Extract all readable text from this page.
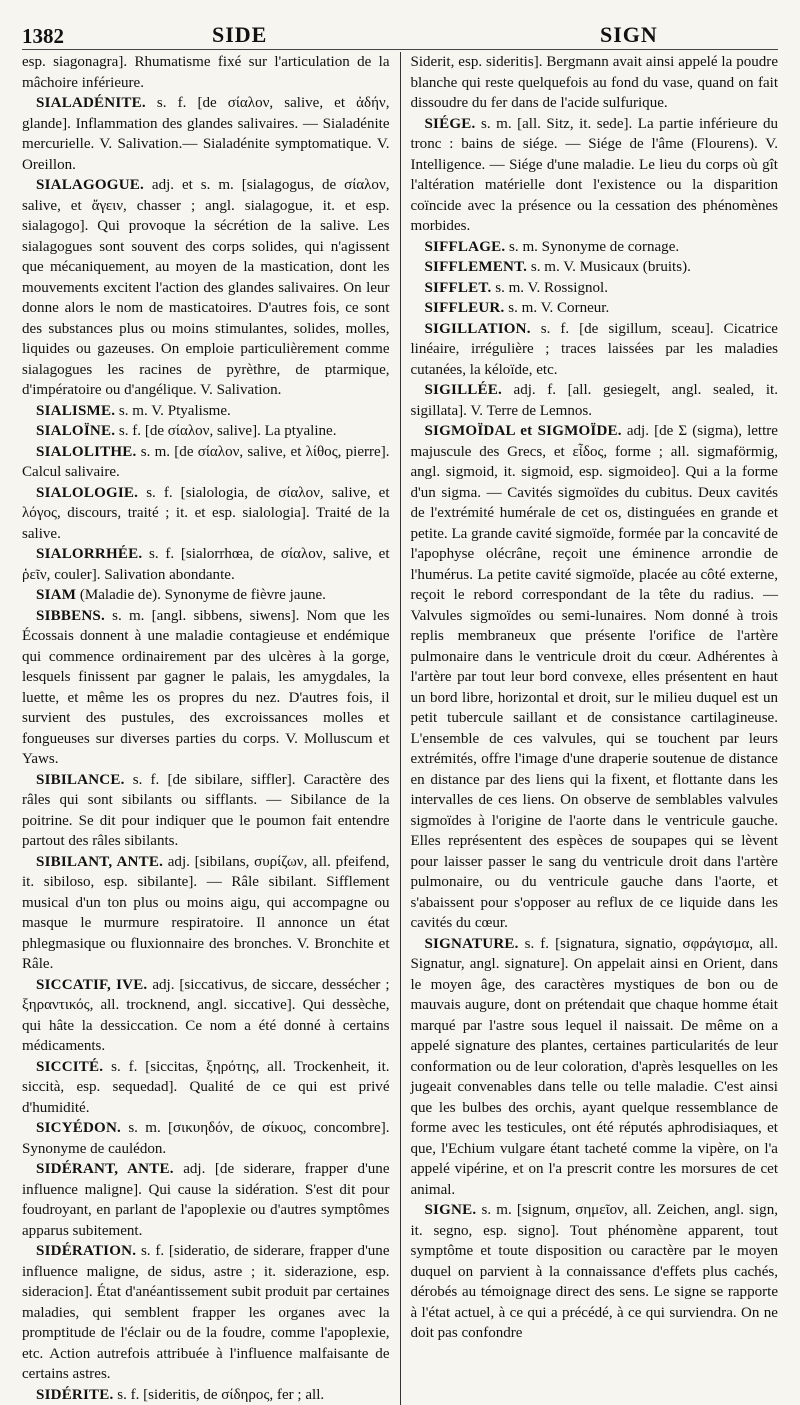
1382	SIDE	SIGN

esp. siagonagra]. Rhumatisme fixé sur l'articulation de la mâchoire inférieure.

SIALADÉNITE. s. f. [de σίαλον, salive, et ἀδήν, glande]. Inflammation des glandes salivaires. — Sialadénite mercurielle. V. Salivation.— Sialadénite symptomatique. V. Oreillon.

SIALAGOGUE. adj. et s. m. [sialagogus, de σίαλον, salive, et ἄγειν, chasser ; angl. sialagogue, it. et esp. sialagogo]. Qui provoque la sécrétion de la salive. Les sialagogues sont souvent des corps solides, qui n'agissent que mécaniquement, au moyen de la mastication, dont les mouvements excitent l'action des glandes salivaires. On leur donne alors le nom de masticatoires. D'autres fois, ce sont des substances plus ou moins stimulantes, solides, molles, liquides ou gazeuses. On emploie particulièrement comme sialagogues les racines de pyrèthre, de ptarmique, d'impératoire ou d'angélique. V. Salivation.

SIALISME. s. m. V. Ptyalisme.

SIALOÏNE. s. f. [de σίαλον, salive]. La ptyaline.

SIALOLITHE. s. m. [de σίαλον, salive, et λίθος, pierre]. Calcul salivaire.

SIALOLOGIE. s. f. [sialologia, de σίαλον, salive, et λόγος, discours, traité ; it. et esp. sialologia]. Traité de la salive.

SIALORRHÉE. s. f. [sialorrhœa, de σίαλον, salive, et ῥεῖν, couler]. Salivation abondante.

SIAM (Maladie de). Synonyme de fièvre jaune.

SIBBENS. s. m. [angl. sibbens, siwens]. Nom que les Écossais donnent à une maladie contagieuse et endémique qui commence ordinairement par des ulcères à la gorge, lesquels finissent par gagner le palais, les amygdales, la luette, et même les os propres du nez. D'autres fois, il survient des pustules, des excroissances molles et fongueuses sur diverses parties du corps. V. Molluscum et Yaws.

SIBILANCE. s. f. [de sibilare, siffler]. Caractère des râles qui sont sibilants ou sifflants. — Sibilance de la poitrine. Se dit pour indiquer que le poumon fait entendre partout des râles sibilants.

SIBILANT, ANTE. adj. [sibilans, συρίζων, all. pfeifend, it. sibiloso, esp. sibilante]. — Râle sibilant. Sifflement musical d'un ton plus ou moins aigu, qui accompagne ou masque le murmure respiratoire. Il annonce un état phlegmasique ou fluxionnaire des bronches. V. Bronchite et Râle.

SICCATIF, IVE. adj. [siccativus, de siccare, dessécher ; ξηραντικός, all. trocknend, angl. siccative]. Qui dessèche, qui hâte la dessiccation. Ce nom a été donné à certains médicaments.

SICCITÉ. s. f. [siccitas, ξηρότης, all. Trockenheit, it. siccità, esp. sequedad]. Qualité de ce qui est privé d'humidité.

SICYÉDON. s. m. [σικυηδόν, de σίκυος, concombre]. Synonyme de caulédon.

SIDÉRANT, ANTE. adj. [de siderare, frapper d'une influence maligne]. Qui cause la sidération. S'est dit pour foudroyant, en parlant de l'apoplexie ou d'autres symptômes apparus subitement.

SIDÉRATION. s. f. [sideratio, de siderare, frapper d'une influence maligne, de sidus, astre ; it. siderazione, esp. sideracion]. État d'anéantissement subit produit par certaines maladies, qui semblent frapper les organes avec la promptitude de l'éclair ou de la foudre, comme l'apoplexie, etc. Action autrefois attribuée à l'influence malfaisante de certains astres.

SIDÉRITE. s. f. [sideritis, de σίδηρος, fer ; all.

Siderit, esp. sideritis]. Bergmann avait ainsi appelé la poudre blanche qui reste quelquefois au fond du vase, quand on fait dissoudre du fer dans de l'acide sulfurique.

SIÉGE. s. m. [all. Sitz, it. sede]. La partie inférieure du tronc : bains de siége. — Siége de l'âme (Flourens). V. Intelligence. — Siége d'une maladie. Le lieu du corps où gît l'altération matérielle dont l'existence ou la disparition coïncide avec la présence ou la cessation des phénomènes morbides.

SIFFLAGE. s. m. Synonyme de cornage.

SIFFLEMENT. s. m. V. Musicaux (bruits).

SIFFLET. s. m. V. Rossignol.

SIFFLEUR. s. m. V. Corneur.

SIGILLATION. s. f. [de sigillum, sceau]. Cicatrice linéaire, irrégulière ; traces laissées par les maladies cutanées, la kéloïde, etc.

SIGILLÉE. adj. f. [all. gesiegelt, angl. sealed, it. sigillata]. V. Terre de Lemnos.

SIGMOÏDAL et SIGMOÏDE. adj. [de Σ (sigma), lettre majuscule des Grecs, et εἶδος, forme ; all. sigmaförmig, angl. sigmoid, it. sigmoid, esp. sigmoideo]. Qui a la forme d'un sigma. — Cavités sigmoïdes du cubitus. Deux cavités de l'extrémité humérale de cet os, distinguées en grande et petite. La grande cavité sigmoïde, formée par la concavité de l'apophyse olécrâne, reçoit une éminence arrondie de l'humérus. La petite cavité sigmoïde, placée au côté externe, reçoit le rebord correspondant de la tête du radius. — Valvules sigmoïdes ou semi-lunaires. Nom donné à trois replis membraneux que présente l'orifice de l'artère pulmonaire dans le ventricule droit du cœur. Adhérentes à l'artère par tout leur bord convexe, elles présentent en haut un bord libre, horizontal et droit, sur le milieu duquel est un petit tubercule saillant et de consistance cartilagineuse. L'ensemble de ces valvules, qui se touchent par leurs extrémités, offre l'image d'une draperie soutenue de distance en distance par des liens qui la fixent, et flottante dans les intervalles de ces liens. On observe de semblables valvules sigmoïdes à l'origine de l'aorte dans le ventricule gauche. Elles représentent des espèces de soupapes qui se lèvent pour laisser passer le sang du ventricule droit dans l'artère pulmonaire, ou du ventricule gauche dans l'aorte, et s'abaissent pour s'opposer au reflux de ce liquide dans les cavités du cœur.

SIGNATURE. s. f. [signatura, signatio, σφράγισμα, all. Signatur, angl. signature]. On appelait ainsi en Orient, dans le moyen âge, des caractères mystiques de bon ou de mauvais augure, dont on prétendait que chaque homme était marqué par l'astre sous lequel il naissait. De même on a appelé signature des plantes, certaines particularités de leur conformation ou de leur coloration, d'après lesquelles on les jugeait convenables dans telle ou telle maladie. C'est ainsi que les bulbes des orchis, ayant quelque ressemblance de forme avec les testicules, ont été réputés aphrodisiaques, et que, l'Echium vulgare étant tacheté comme la vipère, on l'a appelé vipérine, et on l'a prescrit contre les morsures de cet animal.

SIGNE. s. m. [signum, σημεῖον, all. Zeichen, angl. sign, it. segno, esp. signo]. Tout phénomène apparent, tout symptôme et toute disposition ou caractère par le moyen duquel on parvient à la connaissance d'effets plus cachés, dérobés au témoignage direct des sens. Le signe se rapporte à l'état actuel, à ce qui a précédé, à ce qui surviendra. On ne doit pas confondre
